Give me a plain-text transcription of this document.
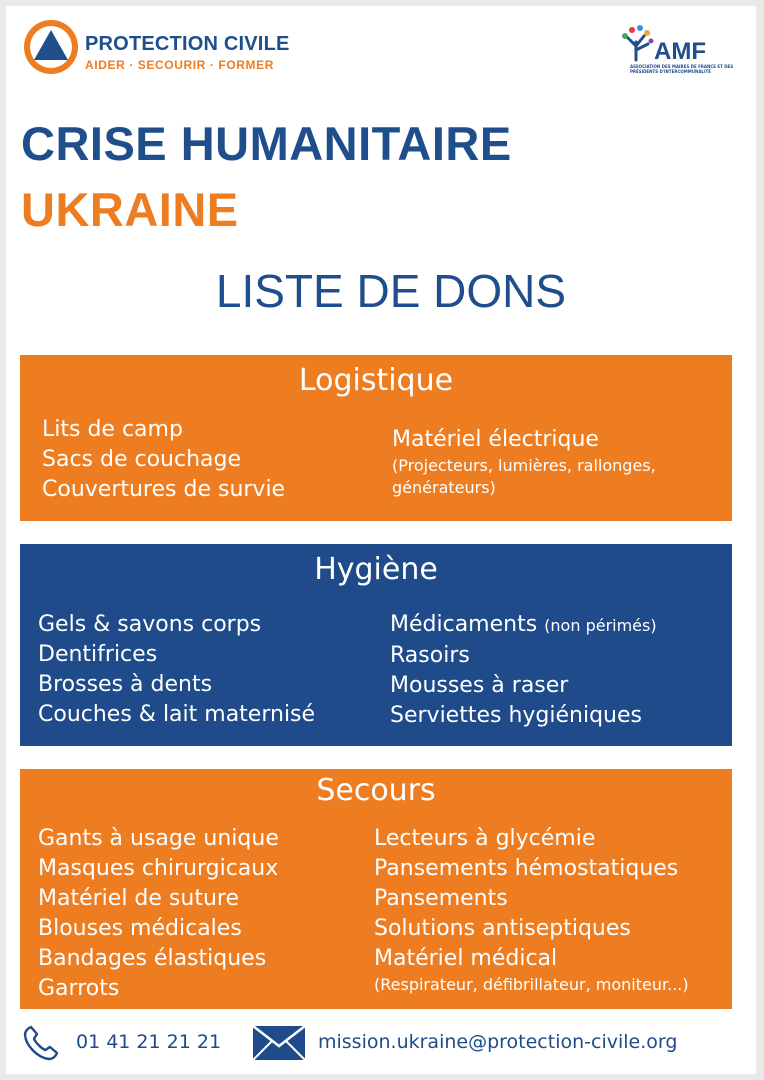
PROTECTION CIVILE
AIDER · SECOURIR · FORMER	AMF
ASSOCIATION DES MAIRES DE FRANCE ET DES PRÉSIDENTS D'INTERCOMMUNALITÉ
CRISE HUMANITAIRE
UKRAINE
LISTE DE DONS
Logistique
Lits de camp
Sacs de couchage
Couvertures de survie
Matériel électrique
(Projecteurs, lumières, rallonges, générateurs)
Hygiène
Gels & savons corps
Dentifrices
Brosses à dents
Couches & lait maternisé
Médicaments (non périmés)
Rasoirs
Mousses à raser
Serviettes hygiéniques
Secours
Gants à usage unique
Masques chirurgicaux
Matériel de suture
Blouses médicales
Bandages élastiques
Garrots
Lecteurs à glycémie
Pansements hémostatiques
Pansements
Solutions antiseptiques
Matériel médical
(Respirateur, défibrillateur, moniteur...)
01 41 21 21 21	mission.ukraine@protection-civile.org
